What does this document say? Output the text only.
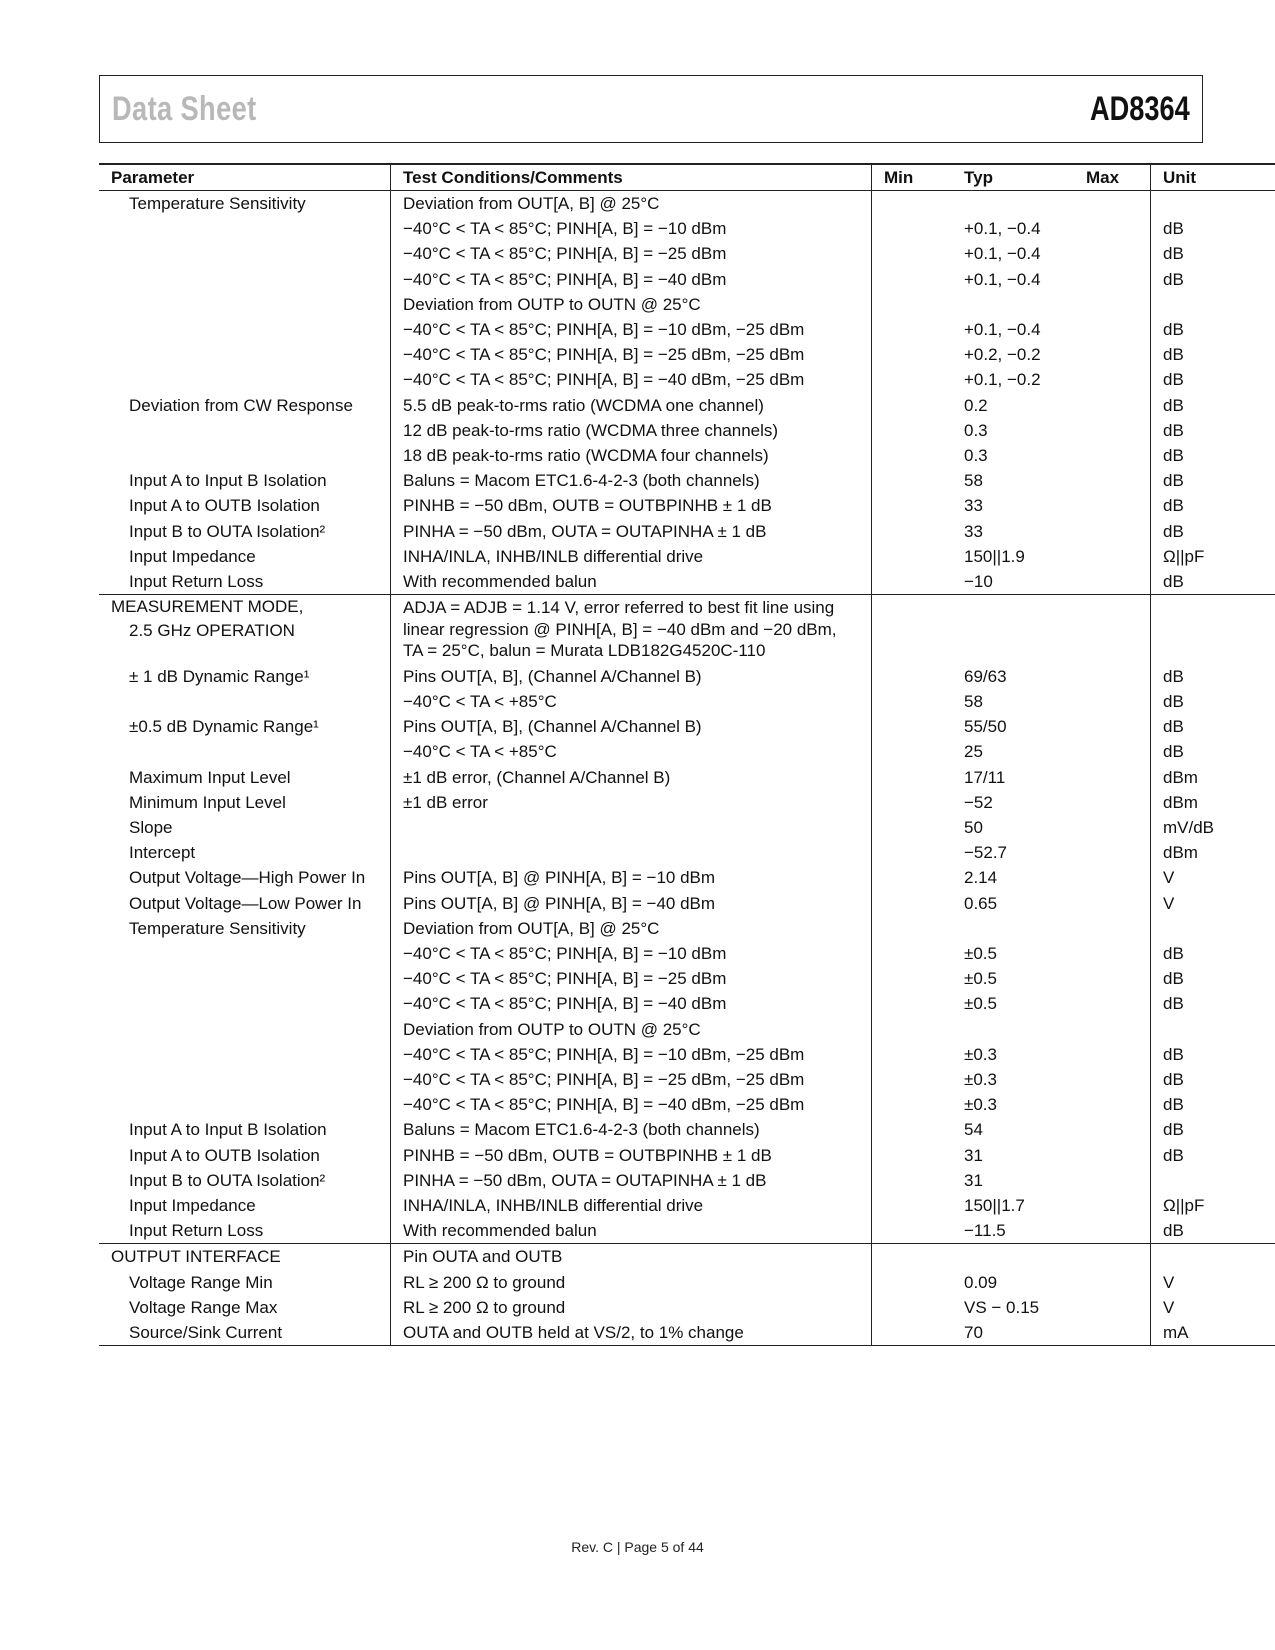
Data Sheet	AD8364
Parameter	Test Conditions/Comments	Min	Typ	Max	Unit
Temperature Sensitivity	Deviation from OUT[A, B] @ 25°C				
	−40°C < TA < 85°C; PINH[A, B] = −10 dBm		+0.1, −0.4		dB
	−40°C < TA < 85°C; PINH[A, B] = −25 dBm		+0.1, −0.4		dB
	−40°C < TA < 85°C; PINH[A, B] = −40 dBm		+0.1, −0.4		dB
	Deviation from OUTP to OUTN @ 25°C				
	−40°C < TA < 85°C; PINH[A, B] = −10 dBm, −25 dBm		+0.1, −0.4		dB
	−40°C < TA < 85°C; PINH[A, B] = −25 dBm, −25 dBm		+0.2, −0.2		dB
	−40°C < TA < 85°C; PINH[A, B] = −40 dBm, −25 dBm		+0.1, −0.2		dB
Deviation from CW Response	5.5 dB peak-to-rms ratio (WCDMA one channel)		0.2		dB
	12 dB peak-to-rms ratio (WCDMA three channels)		0.3		dB
	18 dB peak-to-rms ratio (WCDMA four channels)		0.3		dB
Input A to Input B Isolation	Baluns = Macom ETC1.6-4-2-3 (both channels)		58		dB
Input A to OUTB Isolation	PINHB = −50 dBm, OUTB = OUTBPINHB ± 1 dB		33		dB
Input B to OUTA Isolation²	PINHA = −50 dBm, OUTA = OUTAPINHA ± 1 dB		33		dB
Input Impedance	INHA/INLA, INHB/INLB differential drive		150||1.9		Ω||pF
Input Return Loss	With recommended balun		−10		dB

MEASUREMENT MODE,
2.5 GHz OPERATION	ADJA = ADJB = 1.14 V, error referred to best fit line using
linear regression @ PINH[A, B] = −40 dBm and −20 dBm,
TA = 25°C, balun = Murata LDB182G4520C-110				

± 1 dB Dynamic Range¹	Pins OUT[A, B], (Channel A/Channel B)		69/63		dB
	−40°C < TA < +85°C		58		dB
±0.5 dB Dynamic Range¹	Pins OUT[A, B], (Channel A/Channel B)		55/50		dB
	−40°C < TA < +85°C		25		dB
Maximum Input Level	±1 dB error, (Channel A/Channel B)		17/11		dBm
Minimum Input Level	±1 dB error		−52		dBm
Slope			50		mV/dB
Intercept			−52.7		dBm
Output Voltage—High Power In	Pins OUT[A, B] @ PINH[A, B] = −10 dBm		2.14		V
Output Voltage—Low Power In	Pins OUT[A, B] @ PINH[A, B] = −40 dBm		0.65		V
Temperature Sensitivity	Deviation from OUT[A, B] @ 25°C				
	−40°C < TA < 85°C; PINH[A, B] = −10 dBm		±0.5		dB
	−40°C < TA < 85°C; PINH[A, B] = −25 dBm		±0.5		dB
	−40°C < TA < 85°C; PINH[A, B] = −40 dBm		±0.5		dB
	Deviation from OUTP to OUTN @ 25°C				
	−40°C < TA < 85°C; PINH[A, B] = −10 dBm, −25 dBm		±0.3		dB
	−40°C < TA < 85°C; PINH[A, B] = −25 dBm, −25 dBm		±0.3		dB
	−40°C < TA < 85°C; PINH[A, B] = −40 dBm, −25 dBm		±0.3		dB
Input A to Input B Isolation	Baluns = Macom ETC1.6-4-2-3 (both channels)		54		dB
Input A to OUTB Isolation	PINHB = −50 dBm, OUTB = OUTBPINHB ± 1 dB		31		dB
Input B to OUTA Isolation²	PINHA = −50 dBm, OUTA = OUTAPINHA ± 1 dB		31		
Input Impedance	INHA/INLA, INHB/INLB differential drive		150||1.7		Ω||pF
Input Return Loss	With recommended balun		−11.5		dB
OUTPUT INTERFACE	Pin OUTA and OUTB				
Voltage Range Min	RL ≥ 200 Ω to ground		0.09		V
Voltage Range Max	RL ≥ 200 Ω to ground		VS − 0.15		V
Source/Sink Current	OUTA and OUTB held at VS/2, to 1% change		70		mA
Rev. C | Page 5 of 44
